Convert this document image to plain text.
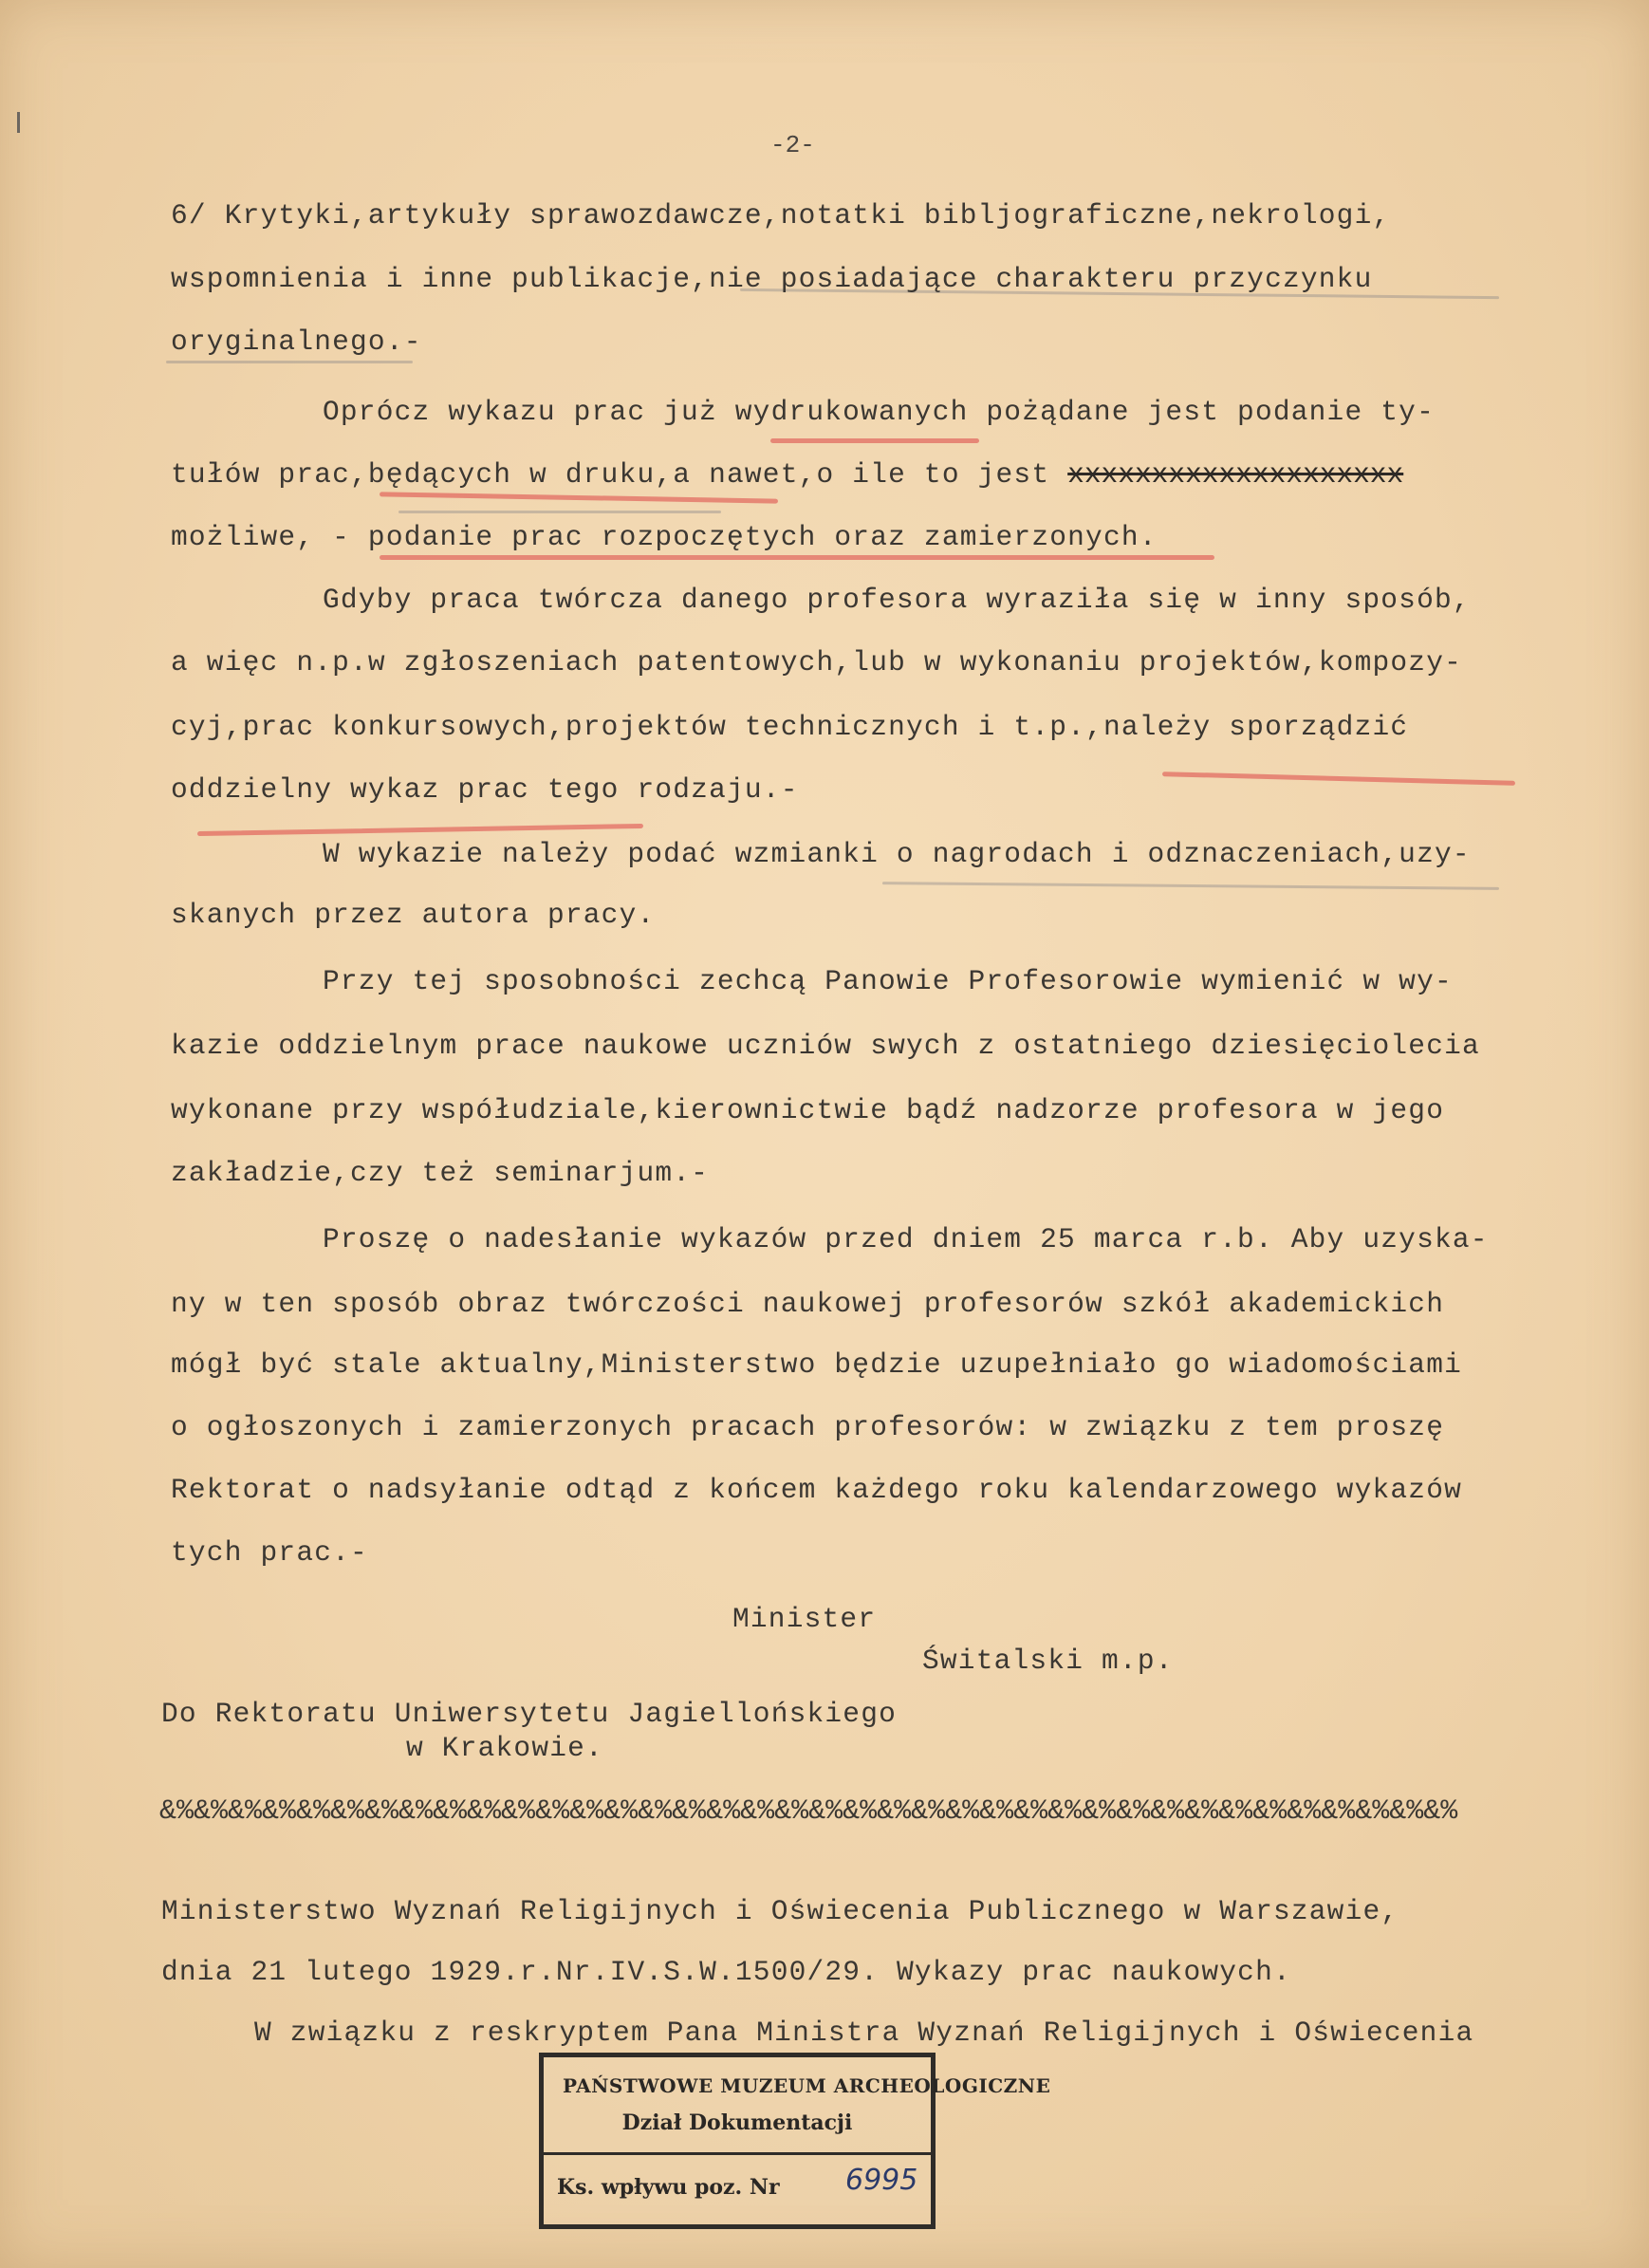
-2-
6/ Krytyki,artykuły sprawozdawcze,notatki bibljograficzne,nekrologi,
wspomnienia i inne publikacje,nie posiadające charakteru przyczynku
oryginalnego.-
Oprócz wykazu prac już wydrukowanych pożądane jest podanie ty-
tułów prac,będących w druku,a nawet,o ile to jest xxxxxxxxxxxxxxxxxxxx
możliwe, - podanie prac rozpoczętych oraz zamierzonych.
Gdyby praca twórcza danego profesora wyraziła się w inny sposób,
a więc n.p.w zgłoszeniach patentowych,lub w wykonaniu projektów,kompozy-
cyj,prac konkursowych,projektów technicznych i t.p.,należy sporządzić
oddzielny wykaz prac tego rodzaju.-
W wykazie należy podać wzmianki o nagrodach i odznaczeniach,uzy-
skanych przez autora pracy.
Przy tej sposobności zechcą Panowie Profesorowie wymienić w wy-
kazie oddzielnym prace naukowe uczniów swych z ostatniego dziesięciolecia
wykonane przy współudziale,kierownictwie bądź nadzorze profesora w jego
zakładzie,czy też seminarjum.-
Proszę o nadesłanie wykazów przed dniem 25 marca r.b. Aby uzyska-
ny w ten sposób obraz twórczości naukowej profesorów szkół akademickich
mógł być stale aktualny,Ministerstwo będzie uzupełniało go wiadomościami
o ogłoszonych i zamierzonych pracach profesorów: w związku z tem proszę
Rektorat o nadsyłanie odtąd z końcem każdego roku kalendarzowego wykazów
tych prac.-
Minister
Świtalski m.p.
Do Rektoratu Uniwersytetu Jagiellońskiego
w Krakowie.
&%&%&%&%&%&%&%&%&%&%&%&%&%&%&%&%&%&%&%&%&%&%&%&%&%&%&%&%&%&%&%&%&%&%&%&%&%&%
Ministerstwo Wyznań Religijnych i Oświecenia Publicznego w Warszawie,
dnia 21 lutego 1929.r.Nr.IV.S.W.1500/29. Wykazy prac naukowych.
W związku z reskryptem Pana Ministra Wyznań Religijnych i Oświecenia
PAŃSTWOWE MUZEUM ARCHEOLOGICZNE
Dział Dokumentacji
Ks. wpływu poz. Nr 6995
